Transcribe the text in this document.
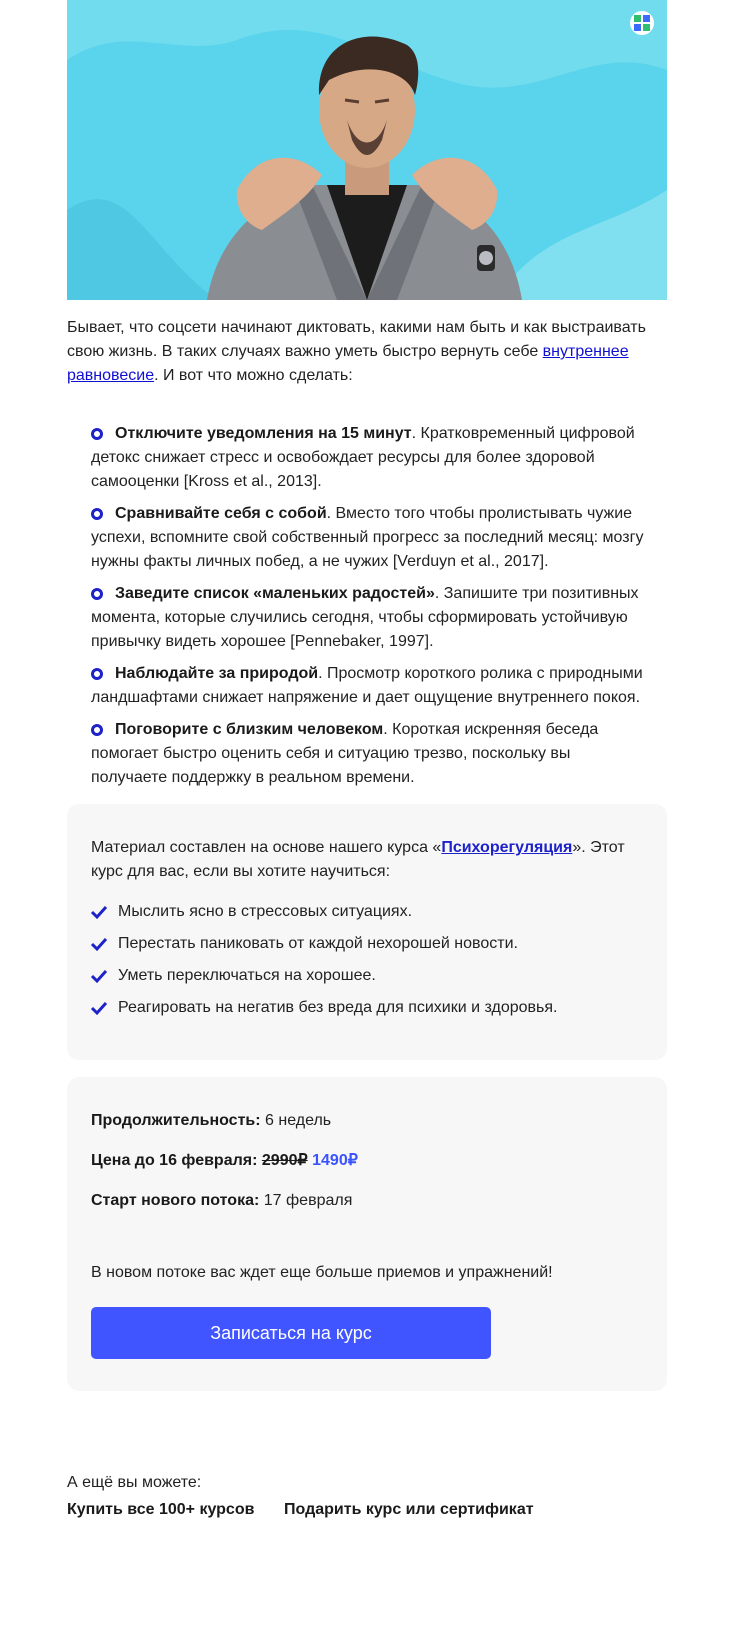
Бывает, что соцсети начинают диктовать, какими нам быть и как выстраивать свою жизнь. В таких случаях важно уметь быстро вернуть себе внутреннее равновесие. И вот что можно сделать:

Отключите уведомления на 15 минут. Кратковременный цифровой детокс снижает стресс и освобождает ресурсы для более здоровой самооценки [Kross et al., 2013].
Сравнивайте себя с собой. Вместо того чтобы пролистывать чужие успехи, вспомните свой собственный прогресс за последний месяц: мозгу нужны факты личных побед, а не чужих [Verduyn et al., 2017].
Заведите список «маленьких радостей». Запишите три позитивных момента, которые случились сегодня, чтобы сформировать устойчивую привычку видеть хорошее [Pennebaker, 1997].
Наблюдайте за природой. Просмотр короткого ролика с природными ландшафтами снижает напряжение и дает ощущение внутреннего покоя.
Поговорите с близким человеком. Короткая искренняя беседа помогает быстро оценить себя и ситуацию трезво, поскольку вы получаете поддержку в реальном времени.

Материал составлен на основе нашего курса «Психорегуляция». Этот курс для вас, если вы хотите научиться:

Мыслить ясно в стрессовых ситуациях.
Перестать паниковать от каждой нехорошей новости.
Уметь переключаться на хорошее.
Реагировать на негатив без вреда для психики и здоровья.
Продолжительность: 6 недель
Цена до 16 февраля: 2990₽ 1490₽
Старт нового потока: 17 февраля
В новом потоке вас ждет еще больше приемов и упражнений!
Записаться на курс
А ещё вы можете:
Купить все 100+ курсов Подарить курс или сертификат
